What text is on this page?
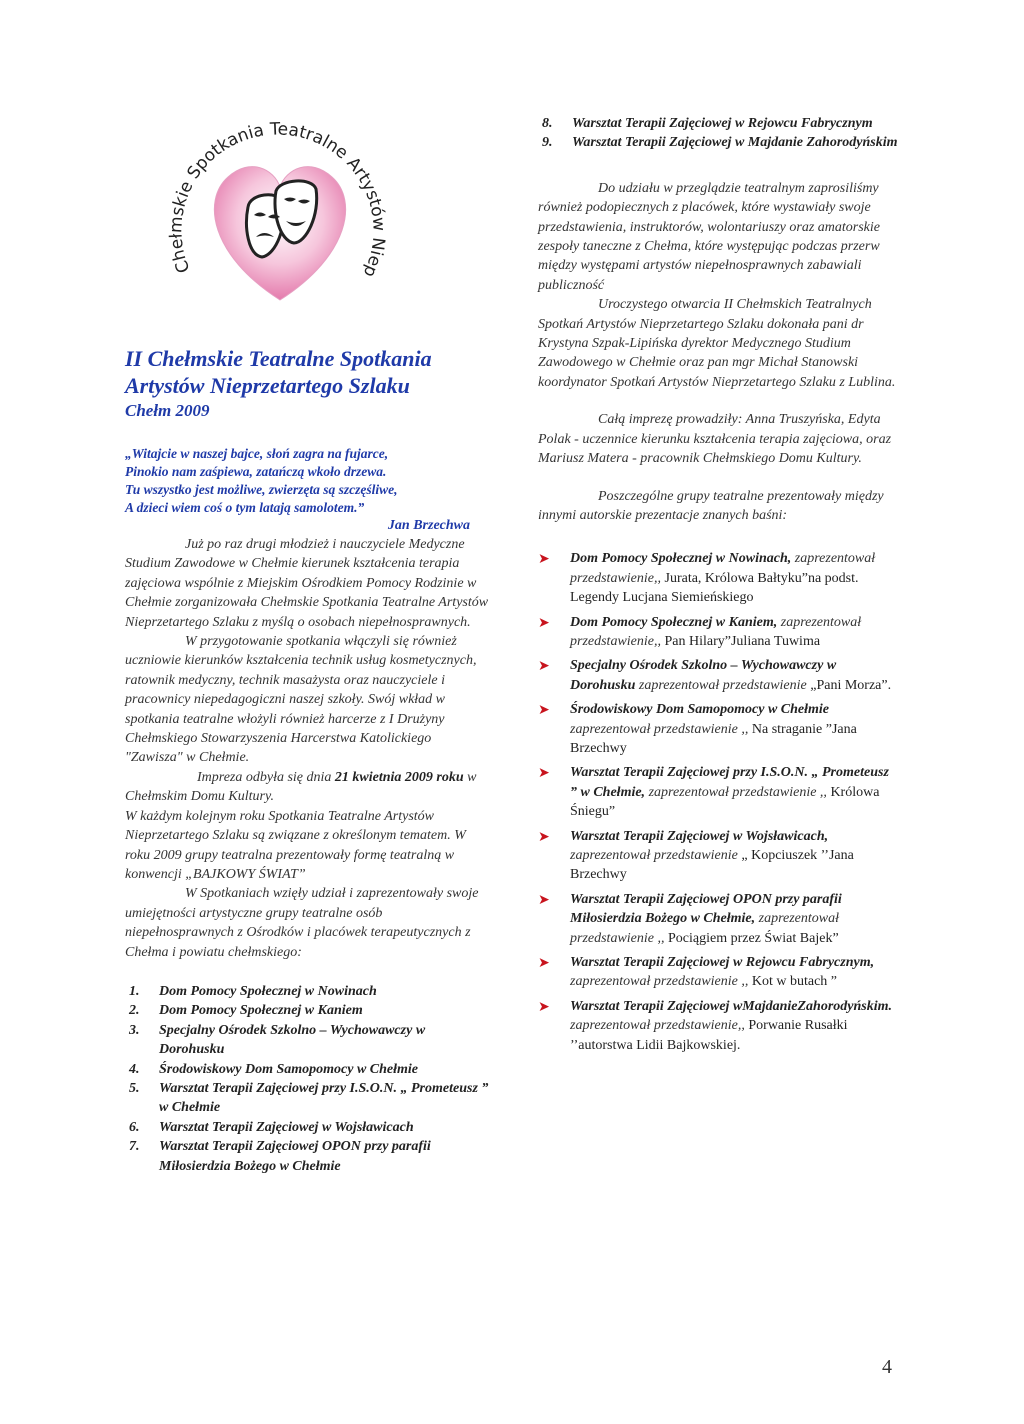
Chełmskie Spotkania Teatralne Artystów Niep
II Chełmskie Teatralne Spotkania
Artystów Nieprzetartego Szlaku
Chełm 2009
„Witajcie w naszej bajce, słoń zagra na fujarce,
Pinokio nam zaśpiewa, zatańczą wkoło drzewa.
Tu wszystko jest możliwe, zwierzęta są szczęśliwe,
A dzieci wiem coś o tym latają samolotem.”
Jan Brzechwa

Już po raz drugi młodzież i nauczyciele Medyczne Studium Zawodowe w Chełmie kierunek kształcenia terapia zajęciowa wspólnie z Miejskim Ośrodkiem Pomocy Rodzinie w Chełmie zorganizowała Chełmskie Spotkania Teatralne Artystów Nieprzetartego Szlaku z myślą o osobach niepełnosprawnych.

W przygotowanie spotkania włączyli się również uczniowie kierunków kształcenia technik usług kosmetycznych, ratownik medyczny, technik masażysta oraz nauczyciele i pracownicy niepedagogiczni naszej szkoły. Swój wkład w spotkania teatralne włożyli również harcerze z I Drużyny Chełmskiego Stowarzyszenia Harcerstwa Katolickiego "Zawisza" w Chełmie.

Impreza odbyła się dnia 21 kwietnia 2009 roku w Chełmskim Domu Kultury.

W każdym kolejnym roku Spotkania Teatralne Artystów Nieprzetartego Szlaku są związane z określonym tematem. W roku 2009 grupy teatralna prezentowały formę teatralną w konwencji „BAJKOWY ŚWIAT”

W Spotkaniach wzięły udział i zaprezentowały swoje umiejętności artystyczne grupy teatralne osób niepełnosprawnych z Ośrodków i placówek terapeutycznych z Chełma i powiatu chełmskiego:

1. Dom Pomocy Społecznej w Nowinach
2. Dom Pomocy Społecznej w Kaniem
3. Specjalny Ośrodek Szkolno – Wychowawczy w Dorohusku
4. Środowiskowy Dom Samopomocy w Chełmie
5. Warsztat Terapii Zajęciowej przy I.S.O.N. „ Prometeusz ” w Chełmie
6. Warsztat Terapii Zajęciowej w Wojsławicach
7. Warsztat Terapii Zajęciowej OPON przy parafii Miłosierdzia Bożego w Chełmie
8. Warsztat Terapii Zajęciowej w Rejowcu Fabrycznym
9. Warsztat Terapii Zajęciowej w Majdanie Zahorodyńskim

Do udziału w przeglądzie teatralnym zaprosiliśmy również podopiecznych z placówek, które wystawiały swoje przedstawienia, instruktorów, wolontariuszy oraz amatorskie zespoły taneczne z Chełma, które występując podczas przerw między występami artystów niepełnosprawnych zabawiali publiczność

Uroczystego otwarcia II Chełmskich Teatralnych Spotkań Artystów Nieprzetartego Szlaku dokonała pani dr Krystyna Szpak-Lipińska dyrektor Medycznego Studium Zawodowego w Chełmie oraz pan mgr Michał Stanowski koordynator Spotkań Artystów Nieprzetartego Szlaku z Lublina.

Całą imprezę prowadziły: Anna Truszyńska, Edyta Polak - uczennice kierunku kształcenia terapia zajęciowa, oraz Mariusz Matera - pracownik Chełmskiego Domu Kultury.

Poszczególne grupy teatralne prezentowały między innymi autorskie prezentacje znanych baśni:

➤ Dom Pomocy Społecznej w Nowinach, zaprezentował przedstawienie,, Jurata, Królowa Bałtyku”na podst. Legendy Lucjana Siemieńskiego
➤ Dom Pomocy Społecznej w Kaniem, zaprezentował przedstawienie,, Pan Hilary”Juliana Tuwima
➤ Specjalny Ośrodek Szkolno – Wychowawczy w Dorohusku zaprezentował przedstawienie „Pani Morza”.
➤ Środowiskowy Dom Samopomocy w Chełmie zaprezentował przedstawienie ,, Na straganie ”Jana Brzechwy
➤ Warsztat Terapii Zajęciowej przy I.S.O.N. „ Prometeusz ” w Chełmie, zaprezentował przedstawienie ,, Królowa Śniegu”
➤ Warsztat Terapii Zajęciowej w Wojsławicach, zaprezentował przedstawienie „ Kopciuszek ’’Jana Brzechwy
➤ Warsztat Terapii Zajęciowej OPON przy parafii Miłosierdzia Bożego w Chełmie, zaprezentował przedstawienie ,, Pociągiem przez Świat Bajek”
➤ Warsztat Terapii Zajęciowej w Rejowcu Fabrycznym, zaprezentował przedstawienie ,, Kot w butach ”
➤ Warsztat Terapii Zajęciowej wMajdanieZahorodyńskim. zaprezentował przedstawienie,, Porwanie Rusałki ’’autorstwa Lidii Bajkowskiej.
4
